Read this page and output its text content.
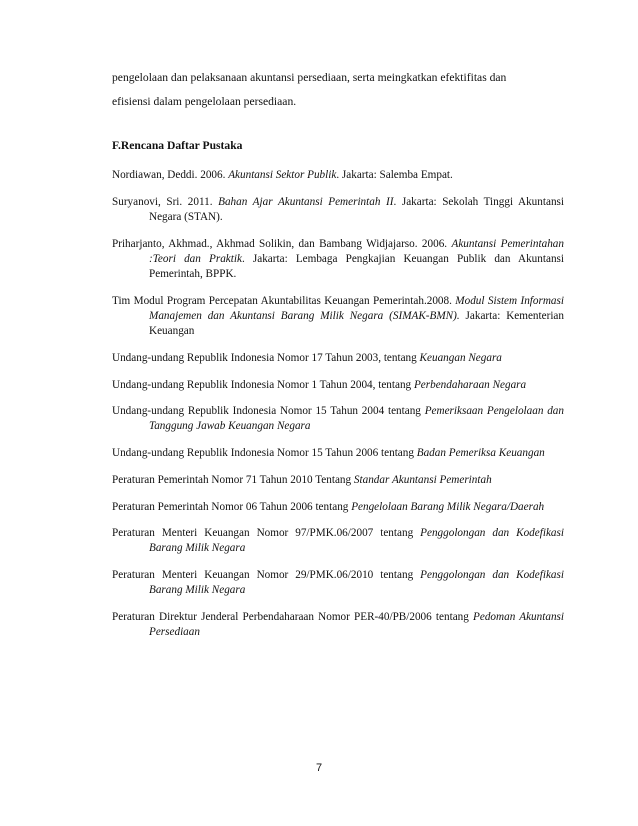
pengelolaan dan pelaksanaan akuntansi persediaan, serta meingkatkan efektifitas dan
efisiensi dalam pengelolaan persediaan.
F.Rencana Daftar Pustaka

Nordiawan, Deddi. 2006. Akuntansi Sektor Publik. Jakarta: Salemba Empat.

Suryanovi, Sri. 2011. Bahan Ajar Akuntansi Pemerintah II. Jakarta: Sekolah Tinggi Akuntansi Negara (STAN).

Priharjanto, Akhmad., Akhmad Solikin, dan Bambang Widjajarso. 2006. Akuntansi Pemerintahan :Teori dan Praktik. Jakarta: Lembaga Pengkajian Keuangan Publik dan Akuntansi Pemerintah, BPPK.

Tim Modul Program Percepatan Akuntabilitas Keuangan Pemerintah.2008. Modul Sistem Informasi Manajemen dan Akuntansi Barang Milik Negara (SIMAK-BMN). Jakarta: Kementerian Keuangan

Undang-undang Republik Indonesia Nomor 17 Tahun 2003, tentang Keuangan Negara

Undang-undang Republik Indonesia Nomor 1 Tahun 2004, tentang Perbendaharaan Negara

Undang-undang Republik Indonesia Nomor 15 Tahun 2004 tentang Pemeriksaan Pengelolaan dan Tanggung Jawab Keuangan Negara

Undang-undang Republik Indonesia Nomor 15 Tahun 2006 tentang Badan Pemeriksa Keuangan

Peraturan Pemerintah Nomor 71 Tahun 2010 Tentang Standar Akuntansi Pemerintah

Peraturan Pemerintah Nomor 06 Tahun 2006 tentang Pengelolaan Barang Milik Negara/Daerah

Peraturan Menteri Keuangan Nomor 97/PMK.06/2007 tentang Penggolongan dan Kodefikasi Barang Milik Negara

Peraturan Menteri Keuangan Nomor 29/PMK.06/2010 tentang Penggolongan dan Kodefikasi Barang Milik Negara

Peraturan Direktur Jenderal Perbendaharaan Nomor PER-40/PB/2006 tentang Pedoman Akuntansi Persediaan

7
